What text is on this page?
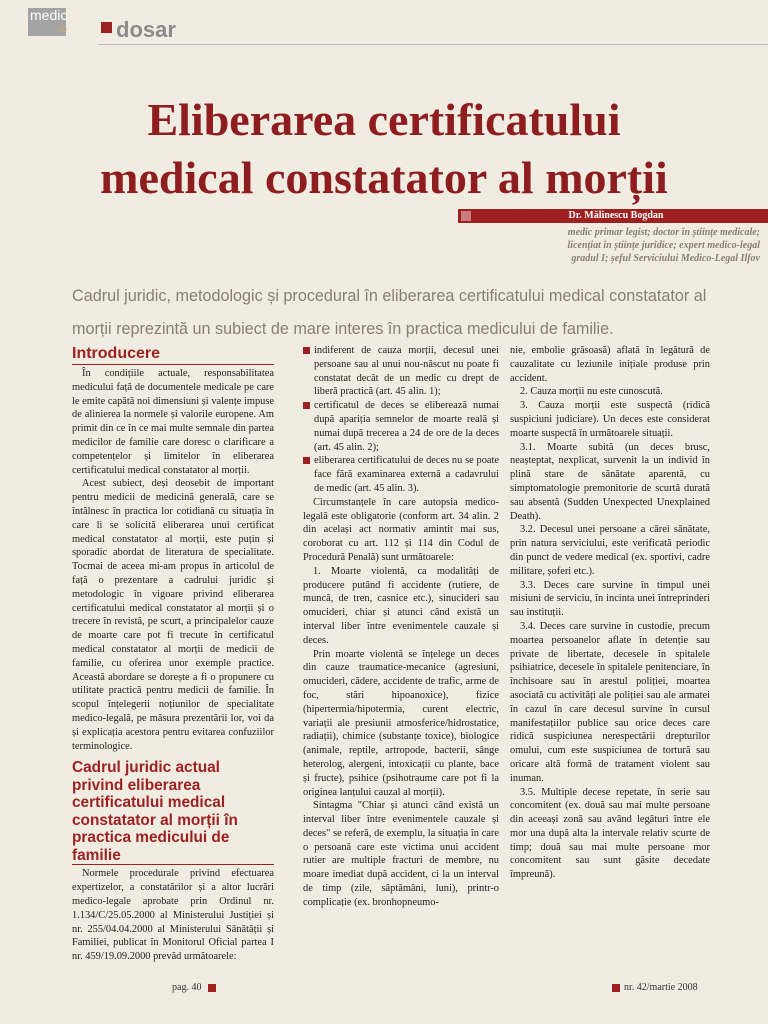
medic
ro dosar
Eliberarea certificatului
medical constatator al morții
Dr. Mălinescu Bogdan
medic primar legist; doctor în științe medicale;
licențiat în științe juridice; expert medico-legal
gradul I; șeful Serviciului Medico-Legal Ilfov
Cadrul juridic, metodologic și procedural în eliberarea certificatului medical constatator al morții reprezintă un subiect de mare interes în practica medicului de familie.
Introducere

În condițiile actuale, responsabilitatea medicului față de documentele medicale pe care le emite capătă noi dimensiuni și valențe impuse de alinierea la normele și valorile europene. Am primit din ce în ce mai multe semnale din partea medicilor de familie care doresc o clarificare a competențelor și limitelor în eliberarea certificatului medical constatator al morții.

Acest subiect, deși deosebit de important pentru medicii de medicină generală, care se întâlnesc în practica lor cotidiană cu situația în care li se solicită eliberarea unui certificat medical constatator al morții, este puțin și sporadic abordat de literatura de specialitate. Tocmai de aceea mi-am propus în articolul de față o prezentare a cadrului juridic și metodologic în vigoare privind eliberarea certificatului medical constatator al morții și o trecere în revistă, pe scurt, a principalelor cauze de moarte care pot fi trecute în certificatul medical constatator al morții de medicii de familie, cu oferirea unor exemple practice. Această abordare se dorește a fi o propunere cu utilitate practică pentru medicii de familie. În scopul înțelegerii noțiunilor de specialitate medico-legală, pe măsura prezentării lor, voi da și explicația acestora pentru evitarea confuziilor terminologice.

Cadrul juridic actual privind eliberarea certificatului medical constatator al morții în practica medicului de familie

Normele procedurale privind efectuarea expertizelor, a constatărilor și a altor lucrări medico-legale aprobate prin Ordinul nr. 1.134/C/25.05.2000 al Ministerului Justiției și nr. 255/04.04.2000 al Ministerului Sănătății și Familiei, publicat în Monitorul Oficial partea I nr. 459/19.09.2000 prevăd următoarele:

indiferent de cauza morții, decesul unei persoane sau al unui nou-născut nu poate fi constatat decât de un medic cu drept de liberă practică (art. 45 alin. 1);

certificatul de deces se eliberează numai după apariția semnelor de moarte reală și numai după trecerea a 24 de ore de la deces (art. 45 alin. 2);

eliberarea certificatului de deces nu se poate face fără examinarea externă a cadavrului de medic (art. 45 alin. 3).

Circumstanțele în care autopsia medico-legală este obligatorie (conform art. 34 alin. 2 din același act normativ amintit mai sus, coroborat cu art. 112 și 114 din Codul de Procedură Penală) sunt următoarele:

1. Moarte violentă, ca modalități de producere putând fi accidente (rutiere, de muncă, de tren, casnice etc.), sinucideri sau omucideri, chiar și atunci când există un interval liber între evenimentele cauzale și deces.

Prin moarte violentă se înțelege un deces din cauze traumatice-mecanice (agresiuni, omucideri, cădere, accidente de trafic, arme de foc, stări hipoanoxice), fizice (hipertermia/hipotermia, curent electric, variații ale presiunii atmosferice/hidrostatice, radiații), chimice (substanțe toxice), biologice (animale, reptile, artropode, bacterii, sânge heterolog, alergeni, intoxicații cu plante, bace și fructe), psihice (psihotraume care pot fi la originea lanțului cauzal al morții).

Sintagma "Chiar și atunci când există un interval liber între evenimentele cauzale și deces" se referă, de exemplu, la situația în care o persoană care este victima unui accident rutier are multiple fracturi de membre, nu moare imediat după accident, ci la un interval de timp (zile, săptămâni, luni), printr-o complicație (ex. bronhopneumo-

nie, embolie grăsoasă) aflată în legătură de cauzalitate cu leziunile inițiale produse prin accident.

2. Cauza morții nu este cunoscută.

3. Cauza morții este suspectă (ridică suspiciuni judiciare). Un deces este considerat moarte suspectă în următoarele situații.

3.1. Moarte subită (un deces brusc, neașteptat, nexplicat, survenit la un individ în plină stare de sănătate aparentă, cu simptomatologie premonitorie de scurtă durată sau absentă (Sudden Unexpected Unexplained Death).

3.2. Decesul unei persoane a cărei sănătate, prin natura serviciului, este verificată periodic din punct de vedere medical (ex. sportivi, cadre militare, șoferi etc.).

3.3. Deces care survine în timpul unei misiuni de serviciu, în incinta unei întreprinderi sau instituții.

3.4. Deces care survine în custodie, precum moartea persoanelor aflate în detenție sau private de libertate, decesele în spitalele psihiatrice, decesele în spitalele penitenciare, în închisoare sau în arestul poliției, moartea asociată cu activități ale poliției sau ale armatei în cazul în care decesul survine în cursul manifestațiilor publice sau orice deces care ridică suspiciunea nerespectării drepturilor omului, cum este suspiciunea de tortură sau oricare altă formă de tratament violent sau inuman.

3.5. Multiple decese repetate, în serie sau concomitent (ex. două sau mai multe persoane din aceeași zonă sau având legături între ele mor una după alta la intervale relativ scurte de timp; două sau mai multe persoane mor concomitent sau sunt găsite decedate împreună).

pag. 40	nr. 42/martie 2008
